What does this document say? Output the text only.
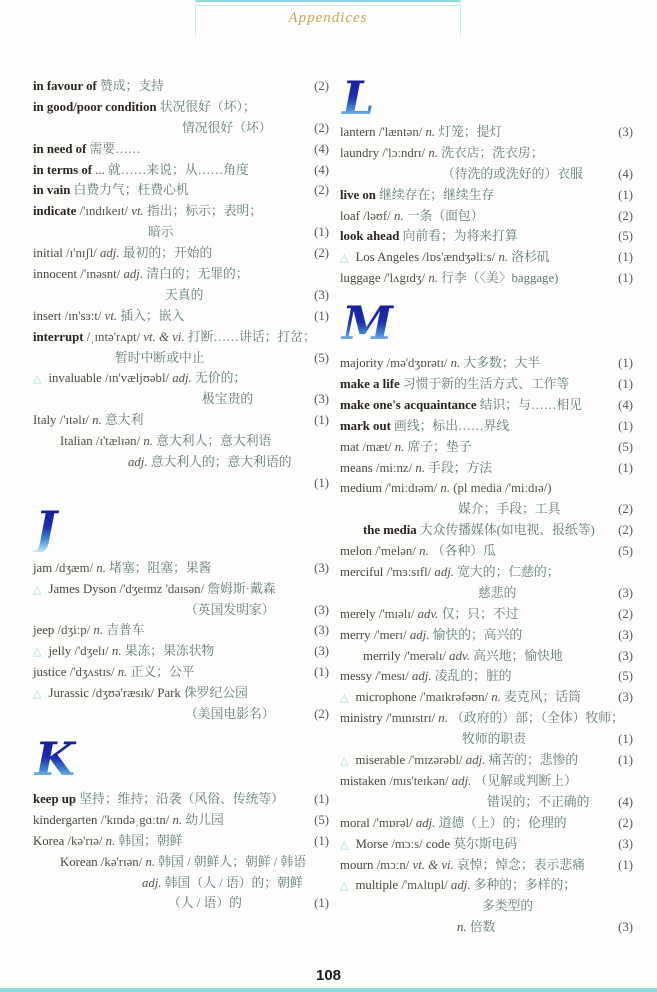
Appendices
in favour of 赞成；支持	(2)
in good/poor condition 状况很好（坏）；
情况很好（坏）	(2)
in need of 需要……	(4)
in terms of ... 就……来说；从……角度	(4)
in vain 白费力气；枉费心机	(2)
indicate /'ɪndɪkeɪt/ vt. 指出；标示；表明；
暗示	(1)
initial /ɪ'nɪʃl/ adj. 最初的；开始的	(2)
innocent /'ɪnəsnt/ adj. 清白的；无罪的；
天真的	(3)
insert /ɪn'sɜːt/ vt. 插入；嵌入	(1)
interrupt /ˌɪntə'rʌpt/ vt. & vi. 打断……讲话；打岔；
暂时中断或中止	(5)
△ invaluable /ɪn'væljʊəbl/ adj. 无价的；
极宝贵的	(3)
Italy /'ɪtəlɪ/ n. 意大利	(1)
Italian /ɪ'tælɪən/ n. 意大利人；意大利语
adj. 意大利人的；意大利语的
(1)
J
jam /dʒæm/ n. 堵塞；阻塞；果酱	(3)
△ James Dyson /'dʒeɪmz 'daɪsən/ 詹姆斯·戴森
（英国发明家）	(3)
jeep /dʒiːp/ n. 吉普车	(3)
△ jelly /'dʒelɪ/ n. 果冻；果冻状物	(3)
justice /'dʒʌstɪs/ n. 正义；公平	(1)
△ Jurassic /dʒʊə'ræsɪk/ Park 侏罗纪公园
（美国电影名）	(2)
K
keep up 坚持；维持；沿袭（风俗、传统等）	(1)
kindergarten /'kɪndəˌgɑːtn/ n. 幼儿园	(5)
Korea /kə'rɪə/ n. 韩国；朝鲜	(1)
Korean /kə'rɪən/ n. 韩国 / 朝鲜人；朝鲜 / 韩语
adj. 韩国（人 / 语）的；朝鲜
（人 / 语）的	(1)
L
lantern /'læntən/ n. 灯笼；提灯	(3)
laundry /'lɔːndrɪ/ n. 洗衣店；洗衣房；
（待洗的或洗好的）衣服	(4)
live on 继续存在；继续生存	(1)
loaf /ləʊf/ n. 一条（面包）	(2)
look ahead 向前看；为将来打算	(5)
△ Los Angeles /lɒs'ændʒəliːs/ n. 洛杉矶	(1)
luggage /'lʌgɪdʒ/ n. 行李（〈美〉baggage)	(1)
M
majority /mə'dʒɒrətɪ/ n. 大多数；大半	(1)
make a life 习惯于新的生活方式、工作等	(1)
make one's acquaintance 结识；与……相见	(4)
mark out 画线；标出……界线	(1)
mat /mæt/ n. 席子；垫子	(5)
means /miːnz/ n. 手段；方法	(1)
medium /'miːdɪəm/ n. (pl media /'miːdɪə/)
媒介；手段；工具	(2)
the media 大众传播媒体(如电视、报纸等)	(2)
melon /'melən/ n. （各种）瓜	(5)
merciful /'mɜːsɪfl/ adj. 宽大的；仁慈的；
慈悲的	(3)
merely /'mɪəlɪ/ adv. 仅；只；不过	(2)
merry /'merɪ/ adj. 愉快的；高兴的	(3)
merrily /'merəlɪ/ adv. 高兴地；愉快地	(3)
messy /'mesɪ/ adj. 凌乱的；脏的	(5)
△ microphone /'maɪkrəfəʊn/ n. 麦克风；话筒	(3)
ministry /'mɪnɪstrɪ/ n. （政府的）部；（全体）牧师；
牧师的职责	(1)
△ miserable /'mɪzərəbl/ adj. 痛苦的；悲惨的	(1)
mistaken /mɪs'teɪkən/ adj. （见解或判断上）
错误的；不正确的	(4)
moral /'mɒrəl/ adj. 道德（上）的；伦理的	(2)
△ Morse /mɔːs/ code 莫尔斯电码	(3)
mourn /mɔːn/ vt. & vi. 哀悼；悼念；表示悲痛	(1)
△ multiple /'mʌltɪpl/ adj. 多种的；多样的；
多类型的
n. 倍数	(3)
108
